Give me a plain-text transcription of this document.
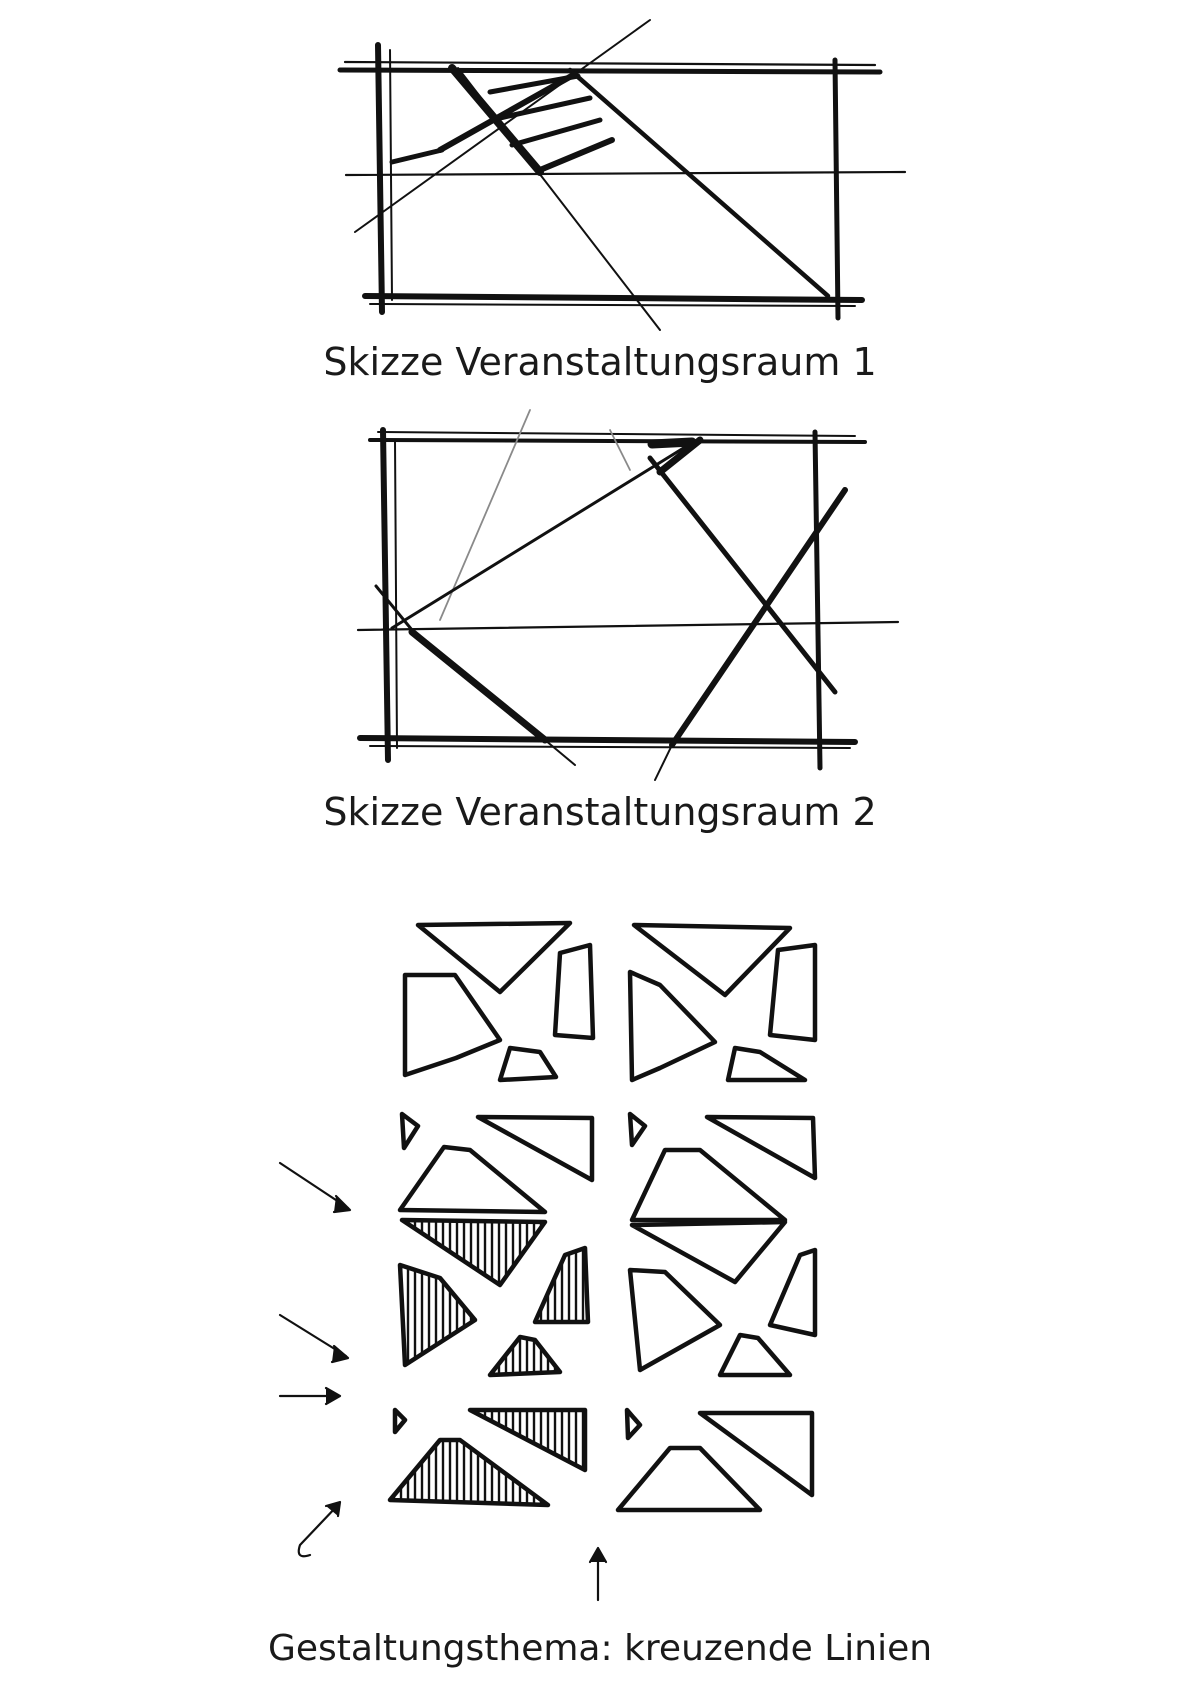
Skizze Veranstaltungsraum 1
Skizze Veranstaltungsraum 2
Gestaltungsthema: kreuzende Linien
